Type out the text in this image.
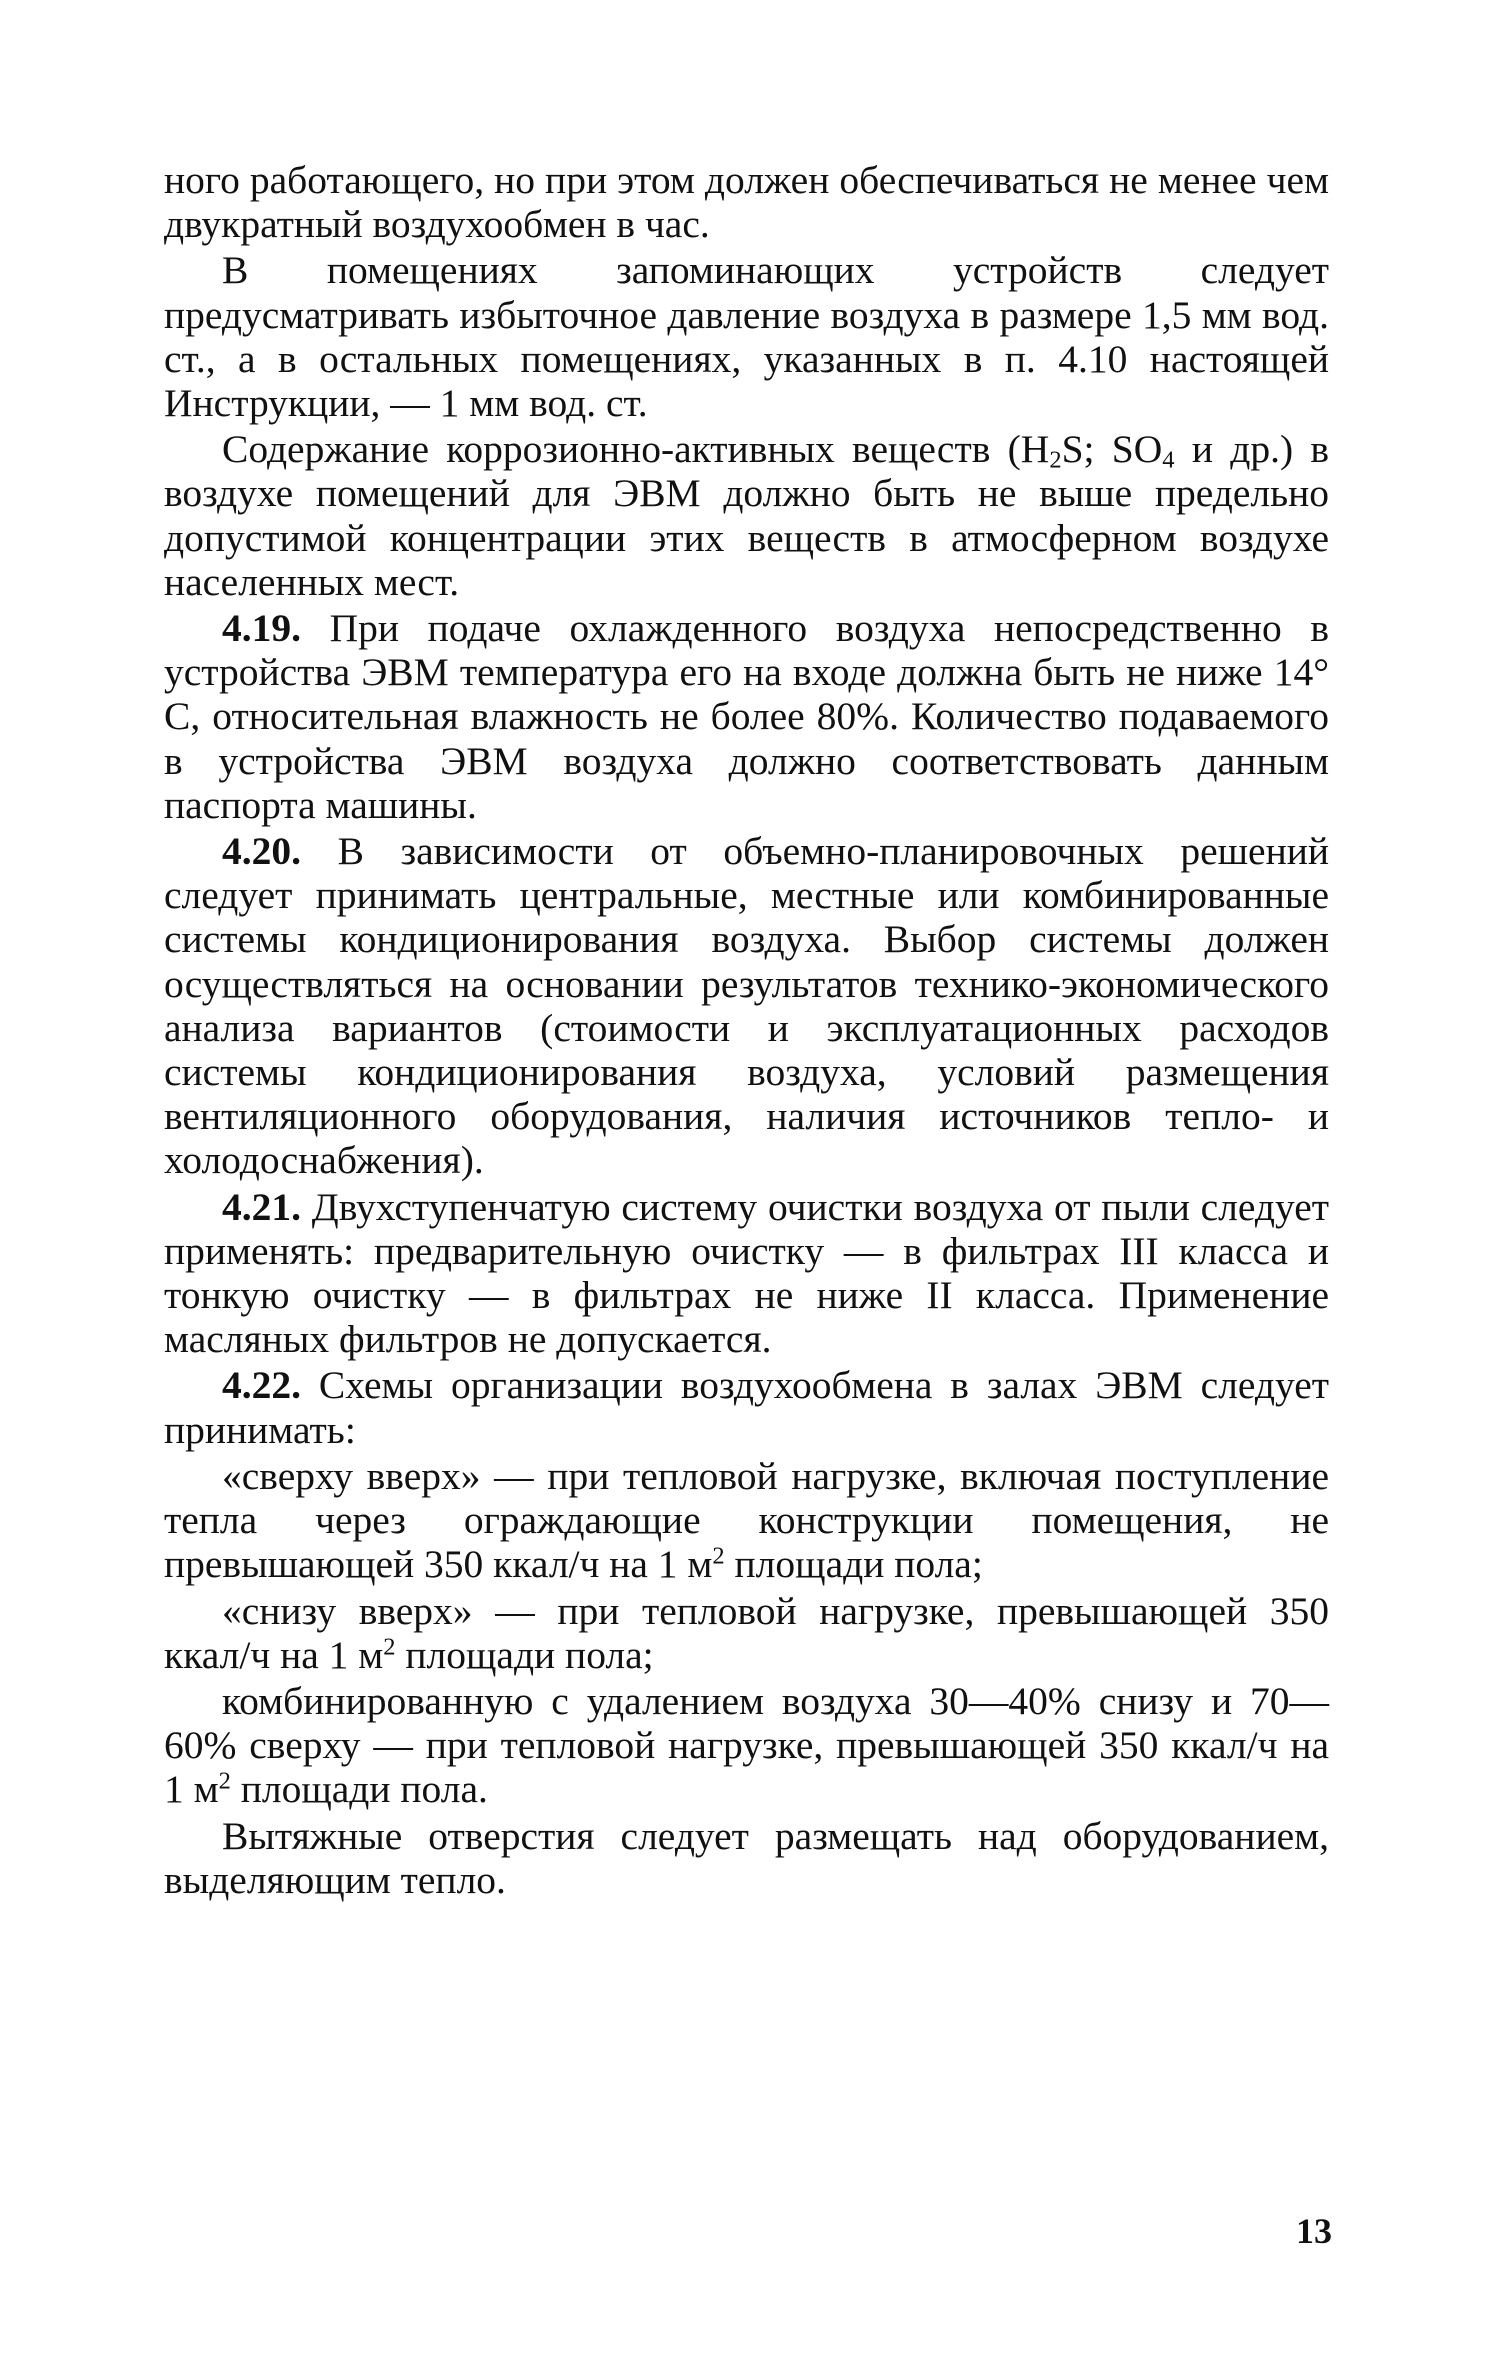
ного работающего, но при этом должен обеспечиваться не менее чем двукратный воздухообмен в час.

В помещениях запоминающих устройств следует предусматривать избыточное давление воздуха в размере 1,5 мм вод. ст., а в остальных помещениях, указанных в п. 4.10 настоящей Инструкции, — 1 мм вод. ст.

Содержание коррозионно-активных веществ ($H_2S$; $SO_4$ и др.) в воздухе помещений для ЭВМ должно быть не выше предельно допустимой концентрации этих веществ в атмосферном воздухе населенных мест.

4.19. При подаче охлажденного воздуха непосредственно в устройства ЭВМ температура его на входе должна быть не ниже 14° С, относительная влажность не более 80%. Количество подаваемого в устройства ЭВМ воздуха должно соответствовать данным паспорта машины.

4.20. В зависимости от объемно-планировочных решений следует принимать центральные, местные или комбинированные системы кондиционирования воздуха. Выбор системы должен осуществляться на основании результатов технико-экономического анализа вариантов (стоимости и эксплуатационных расходов системы кондиционирования воздуха, условий размещения вентиляционного оборудования, наличия источников тепло- и холодоснабжения).

4.21. Двухступенчатую систему очистки воздуха от пыли следует применять: предварительную очистку — в фильтрах III класса и тонкую очистку — в фильтрах не ниже II класса. Применение масляных фильтров не допускается.

4.22. Схемы организации воздухообмена в залах ЭВМ следует принимать:

«сверху вверх» — при тепловой нагрузке, включая поступление тепла через ограждающие конструкции помещения, не превышающей 350 ккал/ч на 1 $м^2$ площади пола;

«снизу вверх» — при тепловой нагрузке, превышающей 350 ккал/ч на 1 $м^2$ площади пола;

комбинированную с удалением воздуха 30—40% снизу и 70—60% сверху — при тепловой нагрузке, превышающей 350 ккал/ч на 1 $м^2$ площади пола.

Вытяжные отверстия следует размещать над оборудованием, выделяющим тепло.

13
